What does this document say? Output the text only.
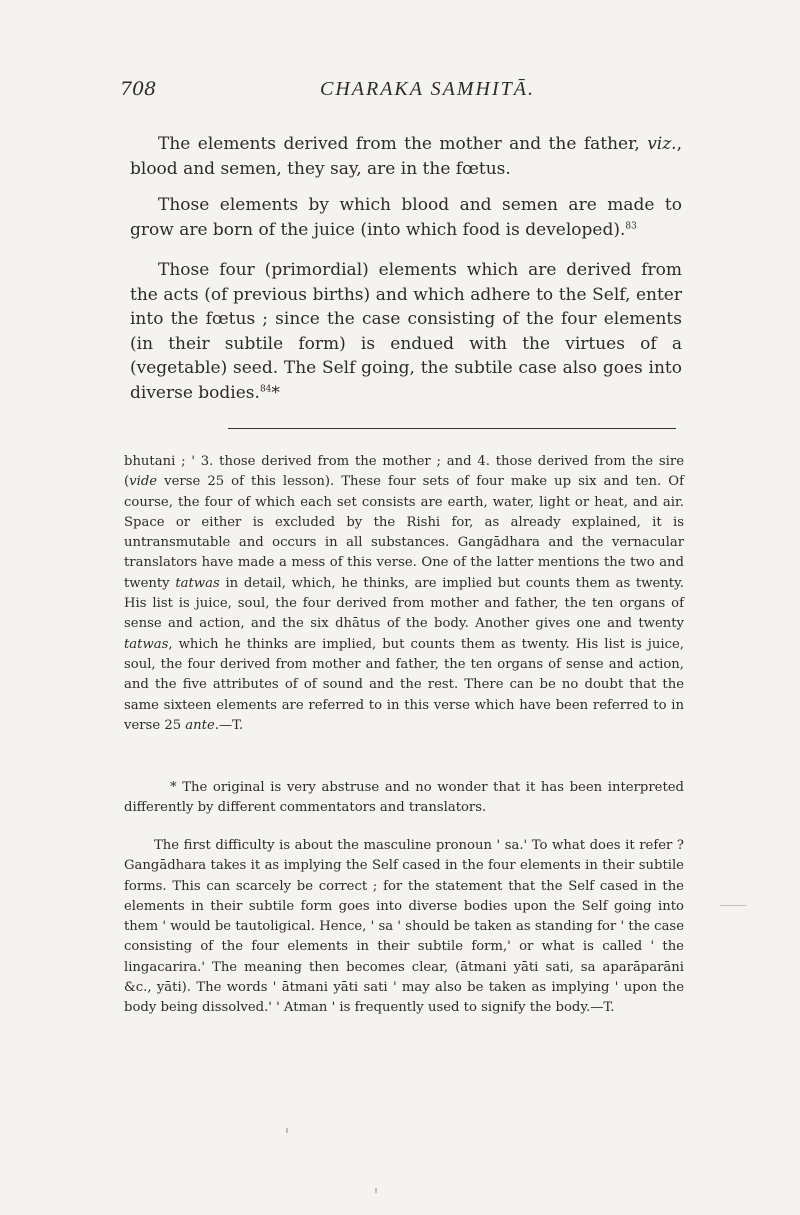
708	CHARAKA SAMHITĀ.

The elements derived from the mother and the father, viz., blood and semen, they say, are in the fœtus.

Those elements by which blood and semen are made to grow are born of the juice (into which food is developed).$^{83}$

Those four (primordial) elements which are derived from the acts (of previous births) and which adhere to the Self, enter into the fœtus ; since the case consisting of the four elements (in their subtile form) is endued with the virtues of a (vegetable) seed. The Self going, the subtile case also goes into diverse bodies.$^{84}$*

bhutani ; ' 3. those derived from the mother ; and 4. those derived from the sire (vide verse 25 of this lesson). These four sets of four make up six and ten. Of course, the four of which each set consists are earth, water, light or heat, and air. Space or either is excluded by the Rishi for, as already explained, it is untransmutable and occurs in all substances. Gangādhara and the vernacular translators have made a mess of this verse. One of the latter mentions the two and twenty tatwas in detail, which, he thinks, are implied but counts them as twenty. His list is juice, soul, the four derived from mother and father, the ten organs of sense and action, and the six dhātus of the body. Another gives one and twenty tatwas, which he thinks are implied, but counts them as twenty. His list is juice, soul, the four derived from mother and father, the ten organs of sense and action, and the five attributes of of sound and the rest. There can be no doubt that the same sixteen elements are referred to in this verse which have been referred to in verse 25 ante.—T.

* The original is very abstruse and no wonder that it has been interpreted differently by different commentators and translators.

The first difficulty is about the masculine pronoun ' sa.' To what does it refer ? Gangādhara takes it as implying the Self cased in the four elements in their subtile forms. This can scarcely be correct ; for the statement that the Self cased in the elements in their subtile form goes into diverse bodies upon the Self going into them ' would be tautoligical. Hence, ' sa ' should be taken as standing for ' the case consisting of the four elements in their subtile form,' or what is called ' the lingacarira.' The meaning then becomes clear, (ātmani yāti sati, sa aparāparāni &c., yāti). The words ' ātmani yāti sati ' may also be taken as implying ' upon the body being dissolved.' ' Atman ' is frequently used to signify the body.—T.
